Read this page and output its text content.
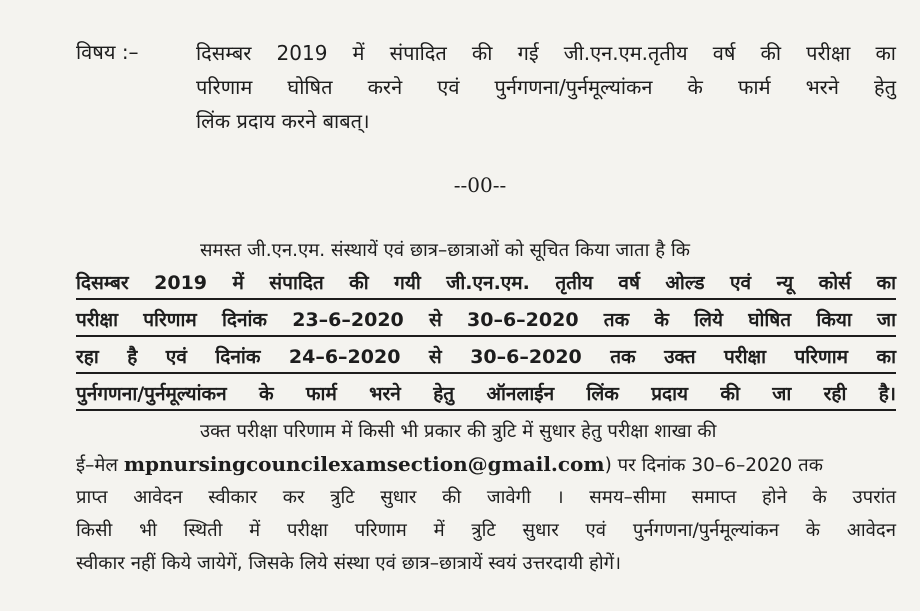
विषय :–	दिसम्बर 2019 में संपादित की गई जी.एन.एम.तृतीय वर्ष की परीक्षा का
परिणाम घोषित करने एवं पुर्नगणना/पुर्नमूल्यांकन के फार्म भरने हेतु
लिंक प्रदाय करने बाबत्।
--00--
समस्त जी.एन.एम. संस्थायें एवं छात्र–छात्राओं को सूचित किया जाता है कि
दिसम्बर 2019 में संपादित की गयी जी.एन.एम. तृतीय वर्ष ओल्ड एवं न्यू कोर्स का
परीक्षा परिणाम दिनांक 23–6–2020 से 30–6–2020 तक के लिये घोषित किया जा
रहा है एवं दिनांक 24–6–2020 से 30–6–2020 तक उक्त परीक्षा परिणाम का
पुर्नगणना/पुर्नमूल्यांकन के फार्म भरने हेतु ऑनलाईन लिंक प्रदाय की जा रही है।
उक्त परीक्षा परिणाम में किसी भी प्रकार की त्रुटि में सुधार हेतु परीक्षा शाखा की
ई–मेल mpnursingcouncilexamsection@gmail.com) पर दिनांक 30–6–2020 तक
प्राप्त आवेदन स्वीकार कर त्रुटि सुधार की जावेगी । समय–सीमा समाप्त होने के उपरांत
किसी भी स्थिती में परीक्षा परिणाम में त्रुटि सुधार एवं पुर्नगणना/पुर्नमूल्यांकन के आवेदन
स्वीकार नहीं किये जायेगें, जिसके लिये संस्था एवं छात्र–छात्रायें स्वयं उत्तरदायी होगें।
